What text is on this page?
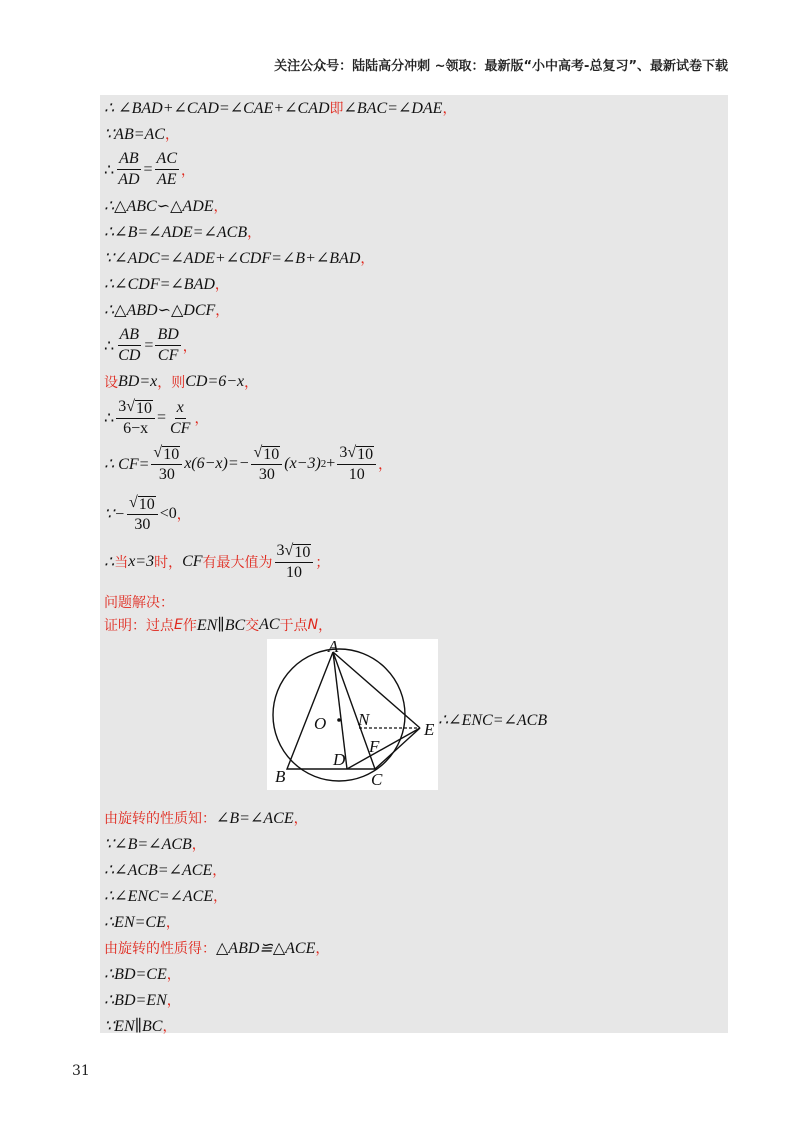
关注公众号：陆陆高分冲刺 ~领取：最新版“小中高考-总复习”、最新试卷下载
∴ ∠BAD+∠CAD=∠CAE+∠CAD 即 ∠BAC=∠DAE ，
∵AB=AC ，
∴ $\frac{AB}{AD} = \frac{AC}{AE}$ ，
∴△ABC∽△ADE ，
∴∠B=∠ADE=∠ACB ，
∵∠ADC=∠ADE+∠CDF=∠B+∠BAD ，
∴∠CDF=∠BAD ，
∴△ABD∽△DCF ，
∴ $\frac{AB}{CD} = \frac{BD}{CF}$ ，
设 BD=x ，则 CD=6−x ，
∴ $\frac{3 √ 10}{6-x} = \frac{x}{CF}$ ，
∴ $CF= \frac{√ 10}{30} x(6-x)=- \frac{√ 10}{30} (x-3) 2 + \frac{3 √ 10}{10}$ ，
∵− $\frac{√ 10}{30} <0$ ，
∴ 当 x=3 时， CF 有最大值为 $\frac{3 √ 10}{10}$ ；
问题解决：
证明：过点 E 作 EN∥BC 交 AC 于点 N ，
A
B	C
D
E
F
N
O	∴∠ENC=∠ACB
由旋转的性质知： ∠B=∠ACE ，
∵∠B=∠ACB ，
∴∠ACB=∠ACE ，
∴∠ENC=∠ACE ，
∴EN=CE ，
由旋转的性质得： △ABD≌△ACE ，
∴BD=CE ，
∴BD=EN ，
∵EN∥BC ，
31
